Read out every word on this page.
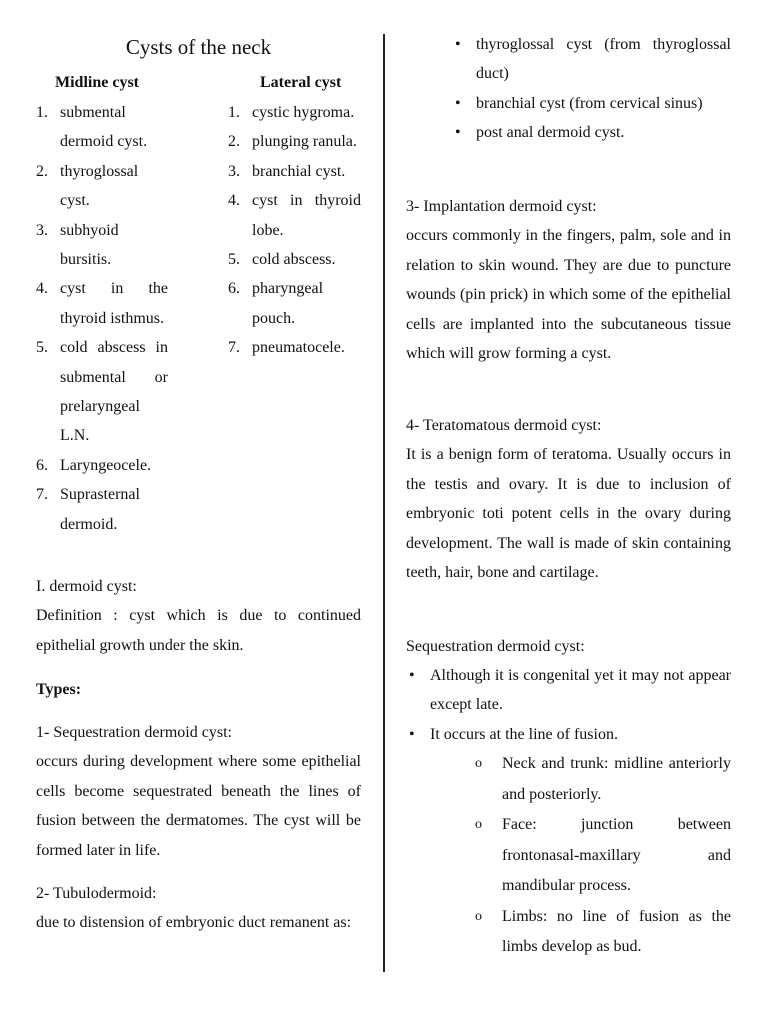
Cysts of the neck
Midline cyst
1. submental dermoid cyst.
2. thyroglossal cyst.
3. subhyoid bursitis.
4. cyst in the thyroid isthmus.
5. cold abscess in submental or prelaryngeal L.N.
6. Laryngeocele.
7. Suprasternal dermoid.
Lateral cyst
1. cystic hygroma.
2. plunging ranula.
3. branchial cyst.
4. cyst in thyroid lobe.
5. cold abscess.
6. pharyngeal pouch.
7. pneumatocele.

I. dermoid cyst:

Definition : cyst which is due to continued epithelial growth under the skin.

Types:

1- Sequestration dermoid cyst:

occurs during development where some epithelial cells become sequestrated beneath the lines of fusion between the dermatomes. The cyst will be formed later in life.

2- Tubulodermoid:

due to distension of embryonic duct remanent as:

• thyroglossal cyst (from thyroglossal duct)
• branchial cyst (from cervical sinus)
• post anal dermoid cyst.

3- Implantation dermoid cyst:

occurs commonly in the fingers, palm, sole and in relation to skin wound. They are due to puncture wounds (pin prick) in which some of the epithelial cells are implanted into the subcutaneous tissue which will grow forming a cyst.

4- Teratomatous dermoid cyst:

It is a benign form of teratoma. Usually occurs in the testis and ovary. It is due to inclusion of embryonic toti potent cells in the ovary during development. The wall is made of skin containing teeth, hair, bone and cartilage.

Sequestration dermoid cyst:

• Although it is congenital yet it may not appear except late.
• It occurs at the line of fusion.
o Neck and trunk: midline anteriorly and posteriorly.
o Face: junction between frontonasal-maxillary and mandibular process.
o Limbs: no line of fusion as the limbs develop as bud.
